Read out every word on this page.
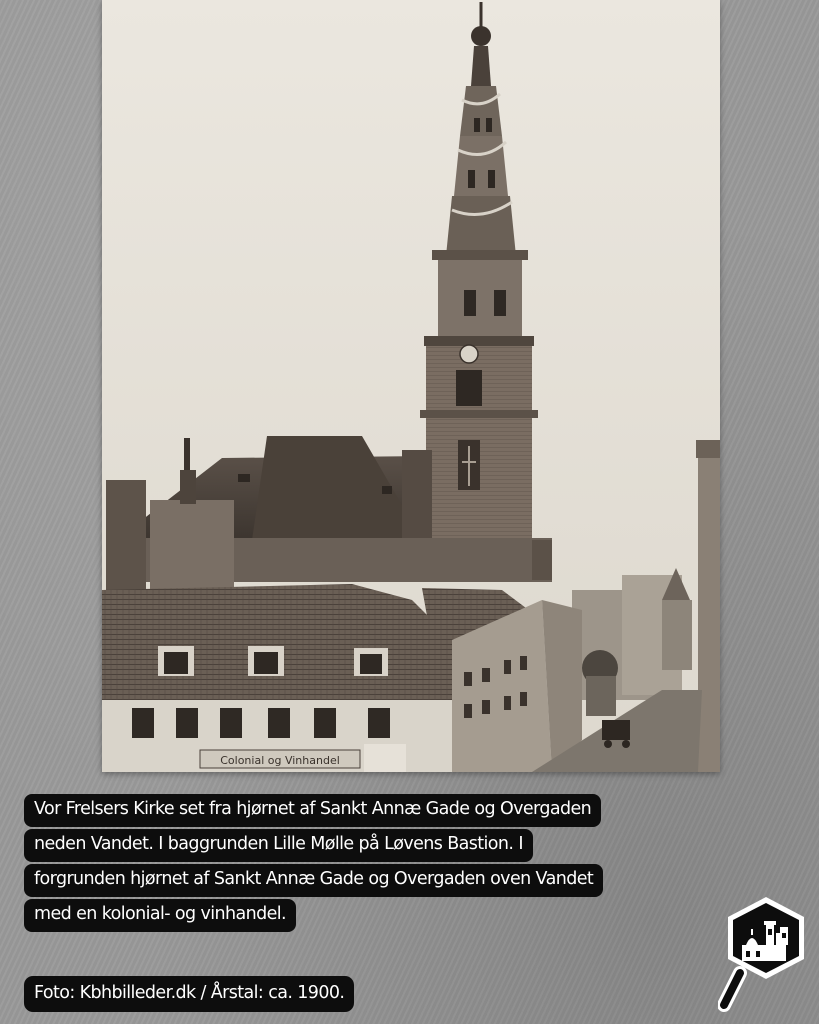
Colonial og Vinhandel
Vor Frelsers Kirke set fra hjørnet af Sankt Annæ Gade og Overgaden
neden Vandet. I baggrunden Lille Mølle på Løvens Bastion. I
forgrunden hjørnet af Sankt Annæ Gade og Overgaden oven Vandet
med en kolonial- og vinhandel.
Foto: Kbhbilleder.dk / Årstal: ca. 1900.
